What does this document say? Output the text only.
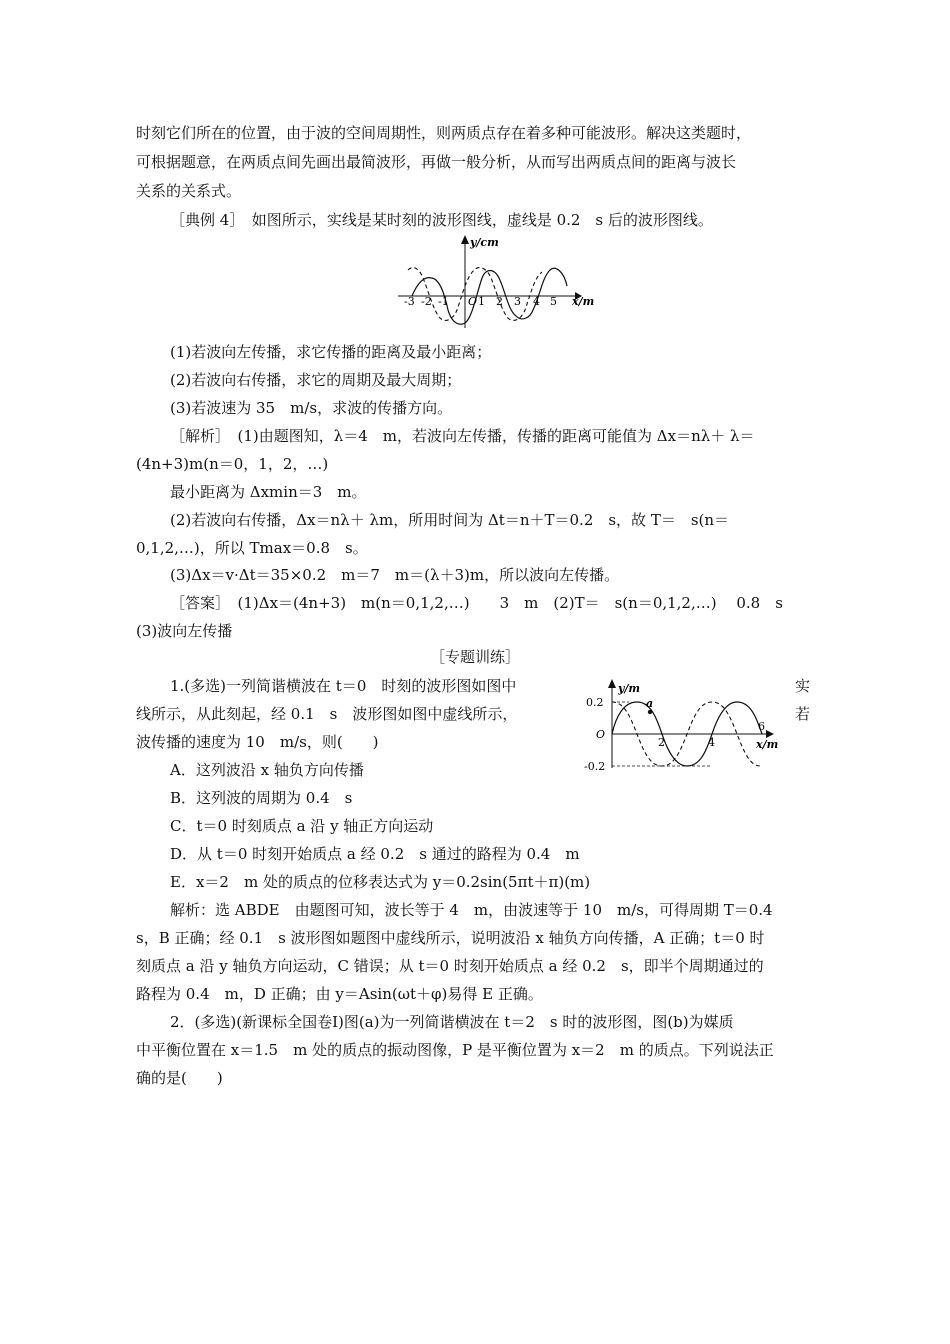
时刻它们所在的位置，由于波的空间周期性，则两质点存在着多种可能波形。解决这类题时，
可根据题意，在两质点间先画出最简波形，再做一般分析，从而写出两质点间的距离与波长
关系的关系式。
［典例 4］　如图所示，实线是某时刻的波形图线，虚线是 0.2　s 后的波形图线。
-3 -2 -1 O 1 2 3 4 5 x/m
y/cm
(1)若波向左传播，求它传播的距离及最小距离；
(2)若波向右传播，求它的周期及最大周期；
(3)若波速为 35　m/s，求波的传播方向。
［解析］　(1)由题图知，λ＝4　m，若波向左传播，传播的距离可能值为 Δx＝nλ＋ λ＝
(4n+3)m(n＝0，1，2，…)
最小距离为 Δxmin＝3　m。
(2)若波向右传播，Δx＝nλ＋ λm，所用时间为 Δt＝n＋T＝0.2　s，故 T＝　s(n＝
0,1,2,…)，所以 Tmax＝0.8　s。
(3)Δx＝v·Δt＝35×0.2　m＝7　m＝(λ＋3)m，所以波向左传播。
［答案］　(1)Δx＝(4n+3)　m(n＝0,1,2,…)　　3　m　(2)T＝　s(n＝0,1,2,…)　 0.8　s
(3)波向左传播
［专题训练］
1.(多选)一列简谐横波在 t＝0　时刻的波形图如图中	实
线所示，从此刻起，经 0.1　s　波形图如图中虚线所示，	若
波传播的速度为 10　m/s，则(　　)
a
0.2
-0.2
O
2	4
6
x/m
y/m
A．这列波沿 x 轴负方向传播
B．这列波的周期为 0.4　s
C．t＝0 时刻质点 a 沿 y 轴正方向运动
D．从 t＝0 时刻开始质点 a 经 0.2　s 通过的路程为 0.4　m
E．x＝2　m 处的质点的位移表达式为 y＝0.2sin(5πt＋π)(m)
解析：选 ABDE　由题图可知，波长等于 4　m，由波速等于 10　m/s，可得周期 T＝0.4
s，B 正确；经 0.1　s 波形图如题图中虚线所示，说明波沿 x 轴负方向传播，A 正确；t＝0 时
刻质点 a 沿 y 轴负方向运动，C 错误；从 t＝0 时刻开始质点 a 经 0.2　s，即半个周期通过的
路程为 0.4　m，D 正确；由 y＝Asin(ωt＋φ)易得 E 正确。
2．(多选)(新课标全国卷Ⅰ)图(a)为一列简谐横波在 t＝2　s 时的波形图，图(b)为媒质
中平衡位置在 x＝1.5　m 处的质点的振动图像，P 是平衡位置为 x＝2　m 的质点。下列说法正
确的是(　　)
